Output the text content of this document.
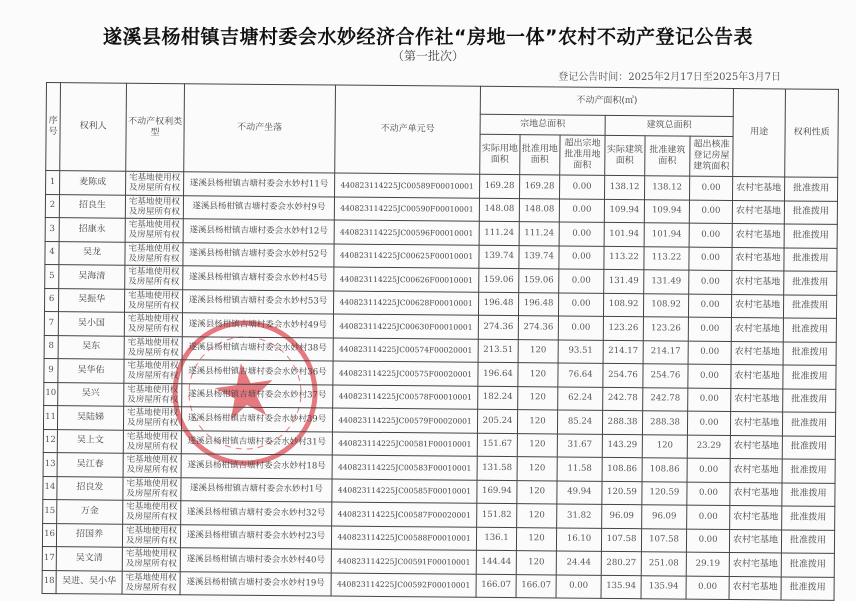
遂溪县杨柑镇吉塘村委会水妙经济合作社“房地一体”农村不动产登记公告表
（第一批次）
登记公告时间：2025年2月17日至2025年3月7日
序号	权利人	不动产权利类型	不动产坐落	不动产单元号	不动产面积(㎡)						用途	权利性质
					宗地总面积			建筑总面积				
					实际用地面积	批准用地面积	超出宗地批准用地面积	实际建筑面积	批准建筑面积	超出核准登记房屋建筑面积		
1	麦陈成	宅基地使用权及房屋所有权	遂溪县杨柑镇吉塘村委会水妙村11号	440823114225JC00589F00010001	169.28	169.28	0.00	138.12	138.12	0.00	农村宅基地	批准拨用
2	招良生	宅基地使用权及房屋所有权	遂溪县杨柑镇吉塘村委会水妙村9号	440823114225JC00590F00010001	148.08	148.08	0.00	109.94	109.94	0.00	农村宅基地	批准拨用
3	招康永	宅基地使用权及房屋所有权	遂溪县杨柑镇吉塘村委会水妙村12号	440823114225JC00596F00010001	111.24	111.24	0.00	101.94	101.94	0.00	农村宅基地	批准拨用
4	吴龙	宅基地使用权及房屋所有权	遂溪县杨柑镇吉塘村委会水妙村52号	440823114225JC00625F00010001	139.74	139.74	0.00	113.22	113.22	0.00	农村宅基地	批准拨用
5	吴海清	宅基地使用权及房屋所有权	遂溪县杨柑镇吉塘村委会水妙村45号	440823114225JC00626F00010001	159.06	159.06	0.00	131.49	131.49	0.00	农村宅基地	批准拨用
6	吴振华	宅基地使用权及房屋所有权	遂溪县杨柑镇吉塘村委会水妙村53号	440823114225JC00628F00010001	196.48	196.48	0.00	108.92	108.92	0.00	农村宅基地	批准拨用
7	吴小国	宅基地使用权及房屋所有权	遂溪县杨柑镇吉塘村委会水妙村49号	440823114225JC00630F00010001	274.36	274.36	0.00	123.26	123.26	0.00	农村宅基地	批准拨用
8	吴东	宅基地使用权及房屋所有权	遂溪县杨柑镇吉塘村委会水妙村38号	440823114225JC00574F00020001	213.51	120	93.51	214.17	214.17	0.00	农村宅基地	批准拨用
9	吴华佑	宅基地使用权及房屋所有权	遂溪县杨柑镇吉塘村委会水妙村36号	440823114225JC00575F00020001	196.64	120	76.64	254.76	254.76	0.00	农村宅基地	批准拨用
10	吴兴	宅基地使用权及房屋所有权	遂溪县杨柑镇吉塘村委会水妙村37号	440823114225JC00578F00010001	182.24	120	62.24	242.78	242.78	0.00	农村宅基地	批准拨用
11	吴陆娣	宅基地使用权及房屋所有权	遂溪县杨柑镇吉塘村委会水妙村39号	440823114225JC00579F00020001	205.24	120	85.24	288.38	288.38	0.00	农村宅基地	批准拨用
12	吴上文	宅基地使用权及房屋所有权	遂溪县杨柑镇吉塘村委会水妙村31号	440823114225JC00581F00010001	151.67	120	31.67	143.29	120	23.29	农村宅基地	批准拨用
13	吴江春	宅基地使用权及房屋所有权	遂溪县杨柑镇吉塘村委会水妙村18号	440823114225JC00583F00010001	131.58	120	11.58	108.86	108.86	0.00	农村宅基地	批准拨用
14	招良发	宅基地使用权及房屋所有权	遂溪县杨柑镇吉塘村委会水妙村1号	440823114225JC00585F00010001	169.94	120	49.94	120.59	120.59	0.00	农村宅基地	批准拨用
15	万金	宅基地使用权及房屋所有权	遂溪县杨柑镇吉塘村委会水妙村32号	440823114225JC00587F00020001	151.82	120	31.82	96.09	96.09	0.00	农村宅基地	批准拨用
16	招国养	宅基地使用权及房屋所有权	遂溪县杨柑镇吉塘村委会水妙村23号	440823114225JC00588F00010001	136.1	120	16.10	107.58	107.58	0.00	农村宅基地	批准拨用
17	吴文清	宅基地使用权及房屋所有权	遂溪县杨柑镇吉塘村委会水妙村40号	440823114225JC00591F00010001	144.44	120	24.44	280.27	251.08	29.19	农村宅基地	批准拨用
18	吴进、吴小华	宅基地使用权及房屋所有权	遂溪县杨柑镇吉塘村委会水妙村19号	440823114225JC00592F00010001	166.07	166.07	0.00	135.94	135.94	0.00	农村宅基地	批准拨用
